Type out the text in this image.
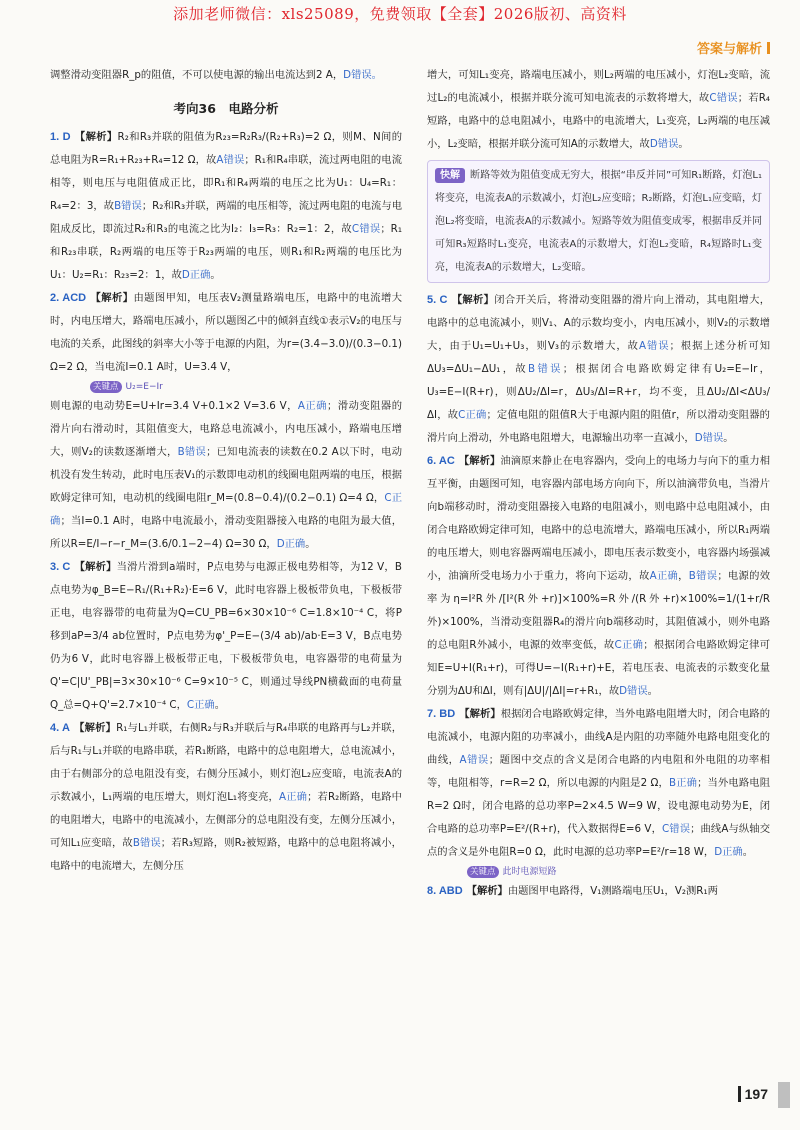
添加老师微信：xls25089，免费领取【全套】2026版初、高资料
答案与解析

调整滑动变阻器R_p的阻值，不可以使电源的输出电流达到2 A，D错误。

考向36　电路分析

1. D 【解析】R₂和R₃并联的阻值为R₂₃=R₂R₃/(R₂+R₃)=2 Ω，则M、N间的总电阻为R=R₁+R₂₃+R₄=12 Ω，故A错误；R₁和R₄串联，流过两电阻的电流相等，则电压与电阻值成正比，即R₁和R₄两端的电压之比为U₁：U₄=R₁：R₄=2：3，故B错误；R₂和R₃并联，两端的电压相等，流过两电阻的电流与电阻成反比，即流过R₂和R₃的电流之比为I₂：I₃=R₃：R₂=1：2，故C错误；R₁和R₂₃串联，R₂两端的电压等于R₂₃两端的电压，则R₁和R₂两端的电压比为U₁：U₂=R₁：R₂₃=2：1，故D正确。

2. ACD 【解析】由题图甲知，电压表V₂测量路端电压，电路中的电流增大时，内电压增大，路端电压减小，所以题图乙中的倾斜直线①表示V₂的电压与电流的关系，此图线的斜率大小等于电源的内阻，为r=(3.4−3.0)/(0.3−0.1) Ω=2 Ω，当电流I=0.1 A时，U=3.4 V，

关键点 U₂=E−Ir

则电源的电动势E=U+Ir=3.4 V+0.1×2 V=3.6 V，A正确；滑动变阻器的滑片向右滑动时，其阻值变大，电路总电流减小，内电压减小，路端电压增大，则V₂的读数逐渐增大，B错误；已知电流表的读数在0.2 A以下时，电动机没有发生转动，此时电压表V₁的示数即电动机的线圈电阻两端的电压，根据欧姆定律可知，电动机的线圈电阻r_M=(0.8−0.4)/(0.2−0.1) Ω=4 Ω，C正确；当I=0.1 A时，电路中电流最小，滑动变阻器接入电路的电阻为最大值，所以R=E/I−r−r_M=(3.6/0.1−2−4) Ω=30 Ω，D正确。

3. C 【解析】当滑片滑到a端时，P点电势与电源正极电势相等，为12 V，B点电势为φ_B=E−R₁/(R₁+R₂)·E=6 V，此时电容器上极板带负电，下极板带正电，电容器带的电荷量为Q=CU_PB=6×30×10⁻⁶ C=1.8×10⁻⁴ C，将P移到aP=3/4 ab位置时，P点电势为φ'_P=E−(3/4 ab)/ab·E=3 V，B点电势仍为6 V，此时电容器上极板带正电，下极板带负电，电容器带的电荷量为Q'=C|U'_PB|=3×30×10⁻⁶ C=9×10⁻⁵ C，则通过导线PN横截面的电荷量Q_总=Q+Q'=2.7×10⁻⁴ C，C正确。

4. A 【解析】R₁与L₁并联，右侧R₂与R₃并联后与R₄串联的电路再与L₂并联，后与R₁与L₁并联的电路串联，若R₁断路，电路中的总电阻增大，总电流减小，由于右侧部分的总电阻没有变，右侧分压减小，则灯泡L₂应变暗，电流表A的示数减小，L₁两端的电压增大，则灯泡L₁将变亮，A正确；若R₂断路，电路中的电阻增大，电路中的电流减小，左侧部分的总电阻没有变，左侧分压减小，可知L₁应变暗，故B错误；若R₃短路，则R₂被短路，电路中的总电阻将减小，电路中的电流增大，左侧分压

增大，可知L₁变亮，路端电压减小，则L₂两端的电压减小，灯泡L₂变暗，流过L₂的电流减小，根据并联分流可知电流表的示数将增大，故C错误；若R₄短路，电路中的总电阻减小，电路中的电流增大，L₁变亮，L₂两端的电压减小，L₂变暗，根据并联分流可知A的示数增大，故D错误。

快解 断路等效为阻值变成无穷大，根据“串反并同”可知R₁断路，灯泡L₁将变亮，电流表A的示数减小，灯泡L₂应变暗；R₂断路，灯泡L₁应变暗，灯泡L₂将变暗，电流表A的示数减小。短路等效为阻值变成零，根据串反并同可知R₃短路时L₁变亮，电流表A的示数增大，灯泡L₂变暗，R₄短路时L₁变亮，电流表A的示数增大，L₂变暗。

5. C 【解析】闭合开关后，将滑动变阻器的滑片向上滑动，其电阻增大，电路中的总电流减小，则V₁、A的示数均变小，内电压减小，则V₂的示数增大，由于U₁=U₁+U₃，则V₃的示数增大，故A错误；根据上述分析可知ΔU₃=ΔU₁−ΔU₁，故B错误；根据闭合电路欧姆定律有U₂=E−Ir，U₃=E−I(R+r)，则ΔU₂/ΔI=r，ΔU₃/ΔI=R+r，均不变，且ΔU₂/ΔI<ΔU₃/ΔI，故C正确；定值电阻的阻值R大于电源内阻的阻值r，所以滑动变阻器的滑片向上滑动，外电路电阻增大，电源输出功率一直减小，D错误。

6. AC 【解析】油滴原来静止在电容器内，受向上的电场力与向下的重力相互平衡，由题图可知，电容器内部电场方向向下，所以油滴带负电，当滑片向b端移动时，滑动变阻器接入电路的电阻减小，则电路中总电阻减小，由闭合电路欧姆定律可知，电路中的总电流增大，路端电压减小，所以R₁两端的电压增大，则电容器两端电压减小，即电压表示数变小，电容器内场强减小，油滴所受电场力小于重力，将向下运动，故A正确，B错误；电源的效率为η=I²R外/[I²(R外+r)]×100%=R外/(R外+r)×100%=1/(1+r/R外)×100%，当滑动变阻器R₄的滑片向b端移动时，其阻值减小，则外电路的总电阻R外减小，电源的效率变低，故C正确；根据闭合电路欧姆定律可知E=U+I(R₁+r)，可得U=−I(R₁+r)+E，若电压表、电流表的示数变化量分别为ΔU和ΔI，则有|ΔU|/|ΔI|=r+R₁，故D错误。

7. BD 【解析】根据闭合电路欧姆定律，当外电路电阻增大时，闭合电路的电流减小，电源内阻的功率减小，曲线A是内阻的功率随外电路电阻变化的曲线，A错误；题图中交点的含义是闭合电路的内电阻和外电阻的功率相等，电阻相等，r=R=2 Ω，所以电源的内阻是2 Ω，B正确；当外电路电阻R=2 Ω时，闭合电路的总功率P=2×4.5 W=9 W，设电源电动势为E，闭合电路的总功率P=E²/(R+r)，代入数据得E=6 V，C错误；曲线A与纵轴交点的含义是外电阻R=0 Ω，此时电源的总功率P=E²/r=18 W，D正确。

关键点 此时电源短路

8. ABD 【解析】由题图甲电路得，V₁测路端电压U₁，V₂测R₁两

197
